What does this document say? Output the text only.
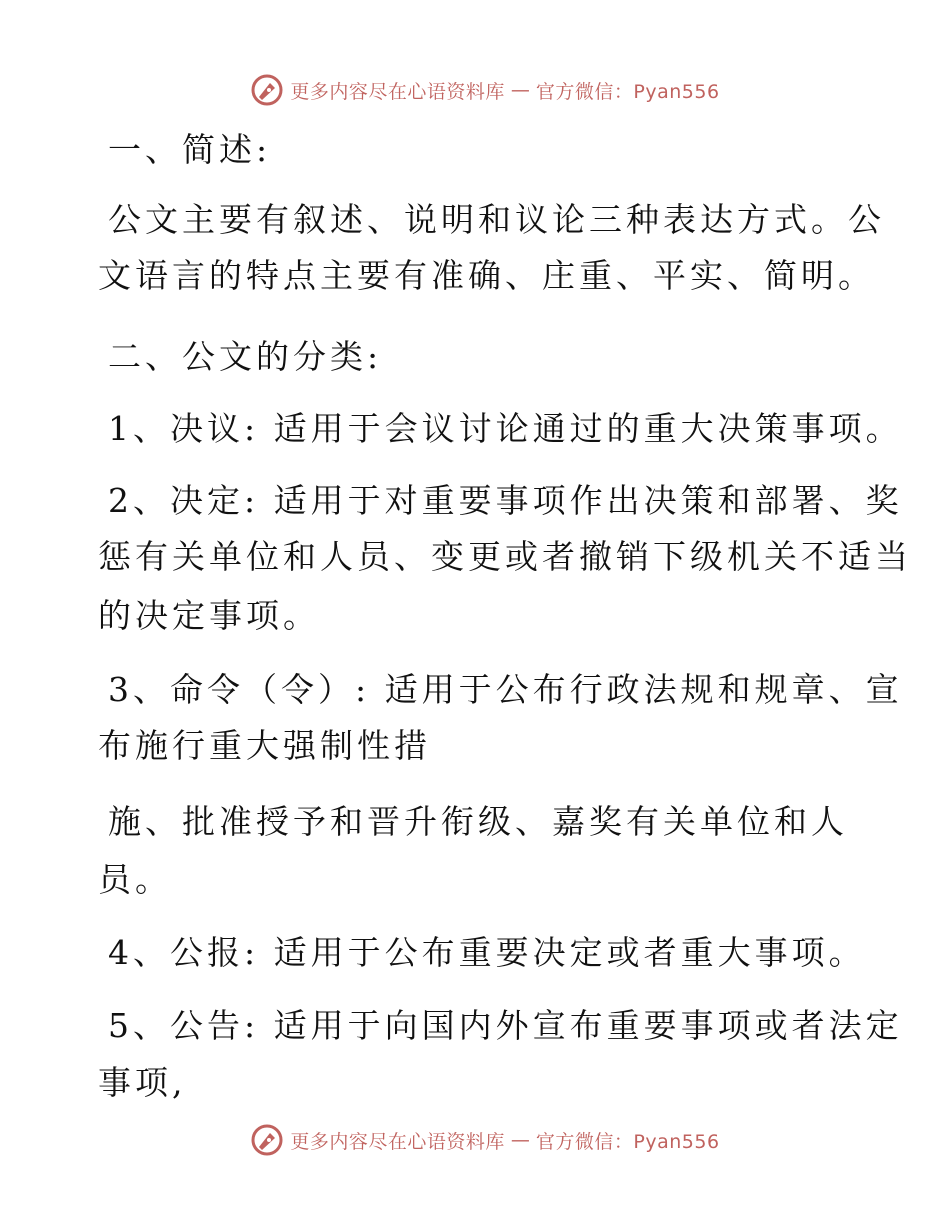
更多内容尽在心语资料库 — 官方微信：Pyan556
一、简述:
公文主要有叙述、说明和议论三种表达方式。公
文语言的特点主要有准确、庄重、平实、简明。
二、公文的分类:
1、决议: 适用于会议讨论通过的重大决策事项。
2、决定: 适用于对重要事项作出决策和部署、奖
惩有关单位和人员、变更或者撤销下级机关不适当
的决定事项。
3、命令（令）: 适用于公布行政法规和规章、宣
布施行重大强制性措
施、批准授予和晋升衔级、嘉奖有关单位和人
员。
4、公报: 适用于公布重要决定或者重大事项。
5、公告: 适用于向国内外宣布重要事项或者法定
事项,
更多内容尽在心语资料库 — 官方微信：Pyan556
